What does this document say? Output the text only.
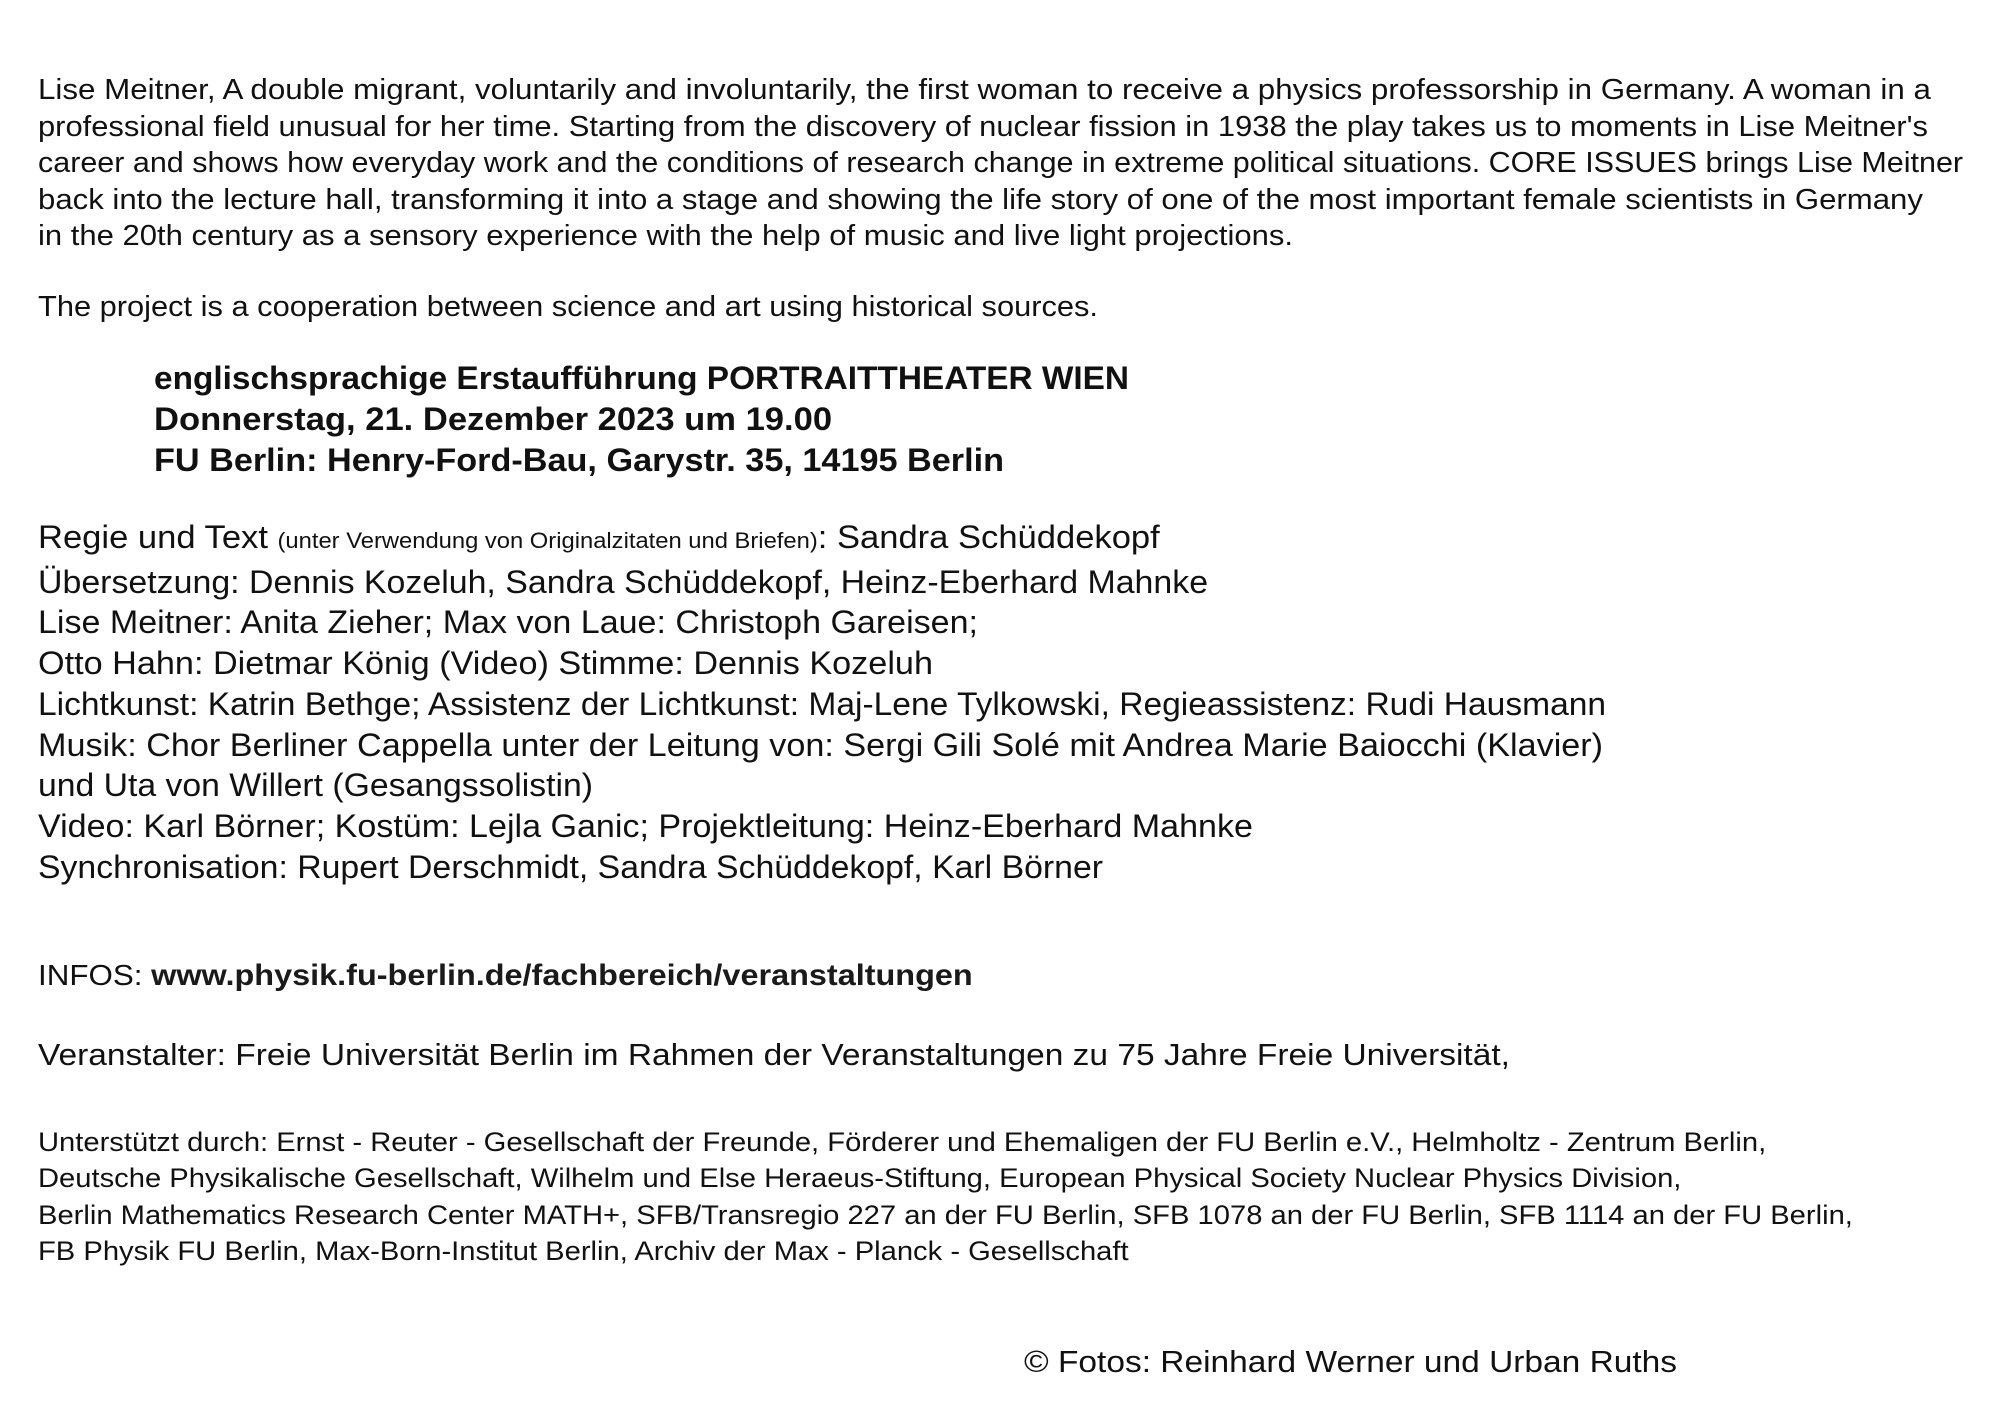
Lise Meitner, A double migrant, voluntarily and involuntarily, the first woman to receive a physics professorship in Germany. A woman in a
professional field unusual for her time. Starting from the discovery of nuclear fission in 1938 the play takes us to moments in Lise Meitner's
career and shows how everyday work and the conditions of research change in extreme political situations. CORE ISSUES brings Lise Meitner
back into the lecture hall, transforming it into a stage and showing the life story of one of the most important female scientists in Germany
in the 20th century as a sensory experience with the help of music and live light projections.
The project is a cooperation between science and art using historical sources.
englischsprachige Erstaufführung PORTRAITTHEATER WIEN
Donnerstag, 21. Dezember 2023 um 19.00
FU Berlin: Henry-Ford-Bau, Garystr. 35, 14195 Berlin
Regie und Text (unter Verwendung von Originalzitaten und Briefen): Sandra Schüddekopf
Übersetzung: Dennis Kozeluh, Sandra Schüddekopf, Heinz-Eberhard Mahnke
Lise Meitner: Anita Zieher; Max von Laue: Christoph Gareisen;
Otto Hahn: Dietmar König (Video) Stimme: Dennis Kozeluh
Lichtkunst: Katrin Bethge; Assistenz der Lichtkunst: Maj-Lene Tylkowski, Regieassistenz: Rudi Hausmann
Musik: Chor Berliner Cappella unter der Leitung von: Sergi Gili Solé mit Andrea Marie Baiocchi (Klavier)
und Uta von Willert (Gesangssolistin)
Video: Karl Börner; Kostüm: Lejla Ganic; Projektleitung: Heinz-Eberhard Mahnke
Synchronisation: Rupert Derschmidt, Sandra Schüddekopf, Karl Börner
INFOS: www.physik.fu-berlin.de/fachbereich/veranstaltungen
Veranstalter: Freie Universität Berlin im Rahmen der Veranstaltungen zu 75 Jahre Freie Universität,
Unterstützt durch: Ernst - Reuter - Gesellschaft der Freunde, Förderer und Ehemaligen der FU Berlin e.V., Helmholtz - Zentrum Berlin,
Deutsche Physikalische Gesellschaft, Wilhelm und Else Heraeus-Stiftung, European Physical Society Nuclear Physics Division,
Berlin Mathematics Research Center MATH+, SFB/Transregio 227 an der FU Berlin, SFB 1078 an der FU Berlin, SFB 1114 an der FU Berlin,
FB Physik FU Berlin, Max-Born-Institut Berlin, Archiv der Max - Planck - Gesellschaft
© Fotos: Reinhard Werner und Urban Ruths
